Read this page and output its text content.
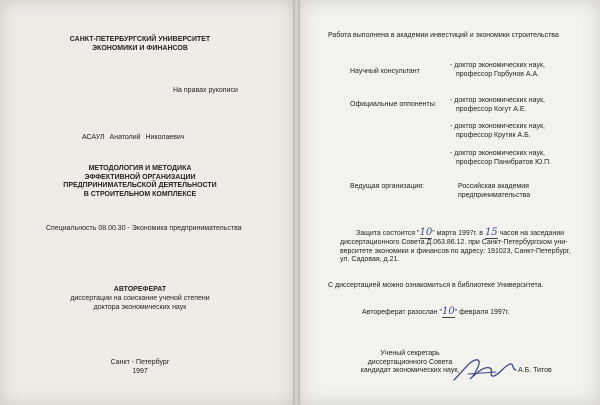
САНКТ-ПЕТЕРБУРГСКИЙ УНИВЕРСИТЕТ
ЭКОНОМИКИ И ФИНАНСОВ
На правах рукописи
АСАУЛ Анатолий Николаевич
МЕТОДОЛОГИЯ И МЕТОДИКА
ЭФФЕКТИВНОЙ ОРГАНИЗАЦИИ
ПРЕДПРИНИМАТЕЛЬСКОЙ ДЕЯТЕЛЬНОСТИ
В СТРОИТЕЛЬНОМ КОМПЛЕКСЕ
Специальность 08.00.30 - Экономика предпринимательства
АВТОРЕФЕРАТ
диссертации на соискание ученой степени
доктора экономических наук
Санкт - Петербург
1997
Работа выполнена в академии инвестиций и экономики строительства
Научный консультант
- доктор экономических наук,
профессор Горбунов А.А.
Официальные оппоненты:
- доктор экономических наук,
профессор Когут А.Е.
- доктор экономических наук,
профессор Крутик А.Б.
- доктор экономических наук,
профессор Панибратов Ю.П.
Ведущая организация:	Российская академия
предпринимательства
Защита состоится "10" марта 1997г. в 15 часов на заседании
диссертационного Совета Д.063.86.12. при Санкт-Петербургском уни-
верситете экономики и финансов по адресу: 191023, Санкт-Петербург,
ул. Садовая, д.21.
С диссертацией можно ознакомиться в библиотеке Университета.
Автореферат разослан "10" февраля 1997г.
Ученый секретарь
диссертационного Совета
кандидат экономических наук,	А.Б. Титов
